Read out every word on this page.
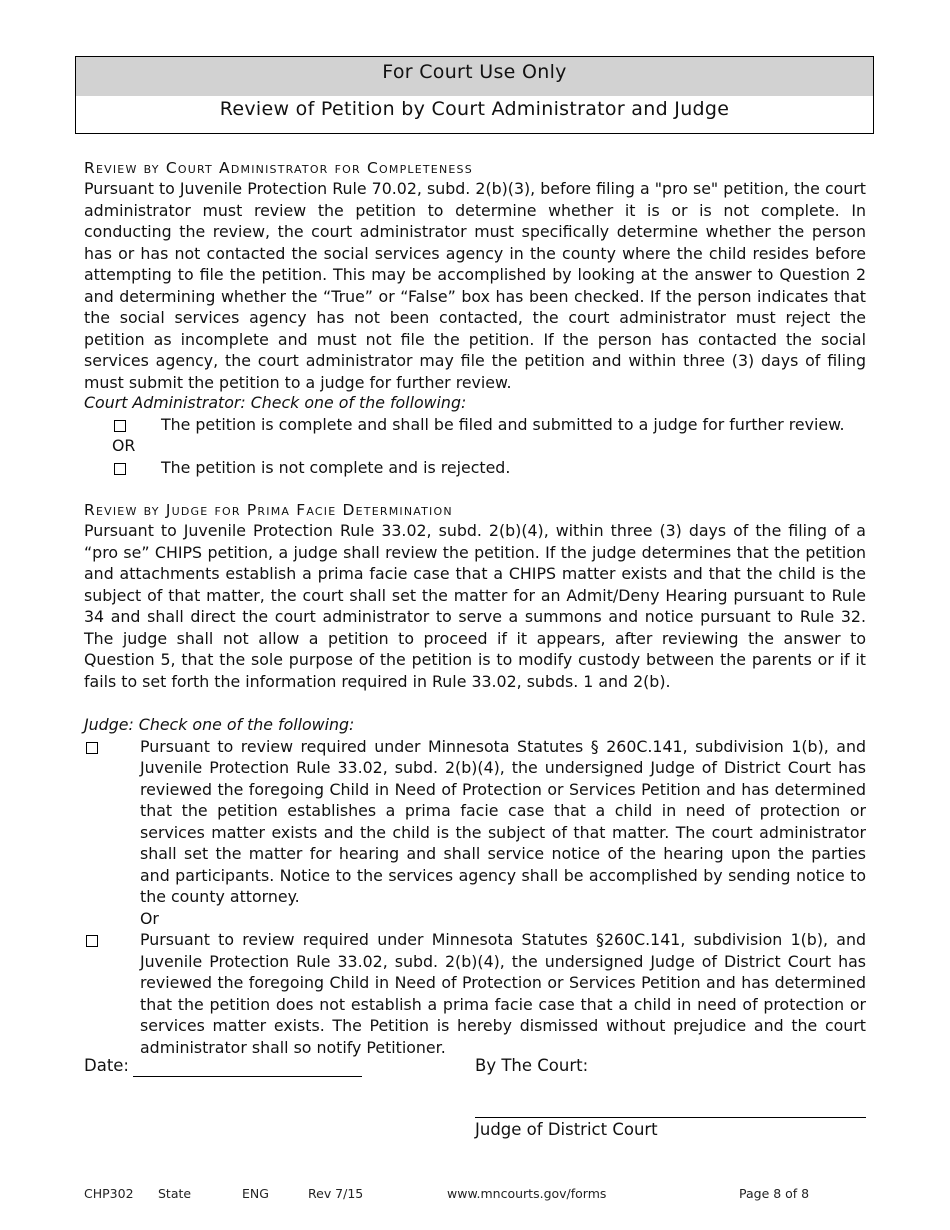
For Court Use Only
Review of Petition by Court Administrator and Judge
Review by Court Administrator for Completeness
Pursuant to Juvenile Protection Rule 70.02, subd. 2(b)(3), before filing a "pro se" petition, the court administrator must review the petition to determine whether it is or is not complete. In conducting the review, the court administrator must specifically determine whether the person has or has not contacted the social services agency in the county where the child resides before attempting to file the petition. This may be accomplished by looking at the answer to Question 2 and determining whether the “True” or “False” box has been checked. If the person indicates that the social services agency has not been contacted, the court administrator must reject the petition as incomplete and must not file the petition. If the person has contacted the social services agency, the court administrator may file the petition and within three (3) days of filing must submit the petition to a judge for further review.
Court Administrator: Check one of the following:
The petition is complete and shall be filed and submitted to a judge for further review.
OR
The petition is not complete and is rejected.
Review by Judge for Prima Facie Determination
Pursuant to Juvenile Protection Rule 33.02, subd. 2(b)(4), within three (3) days of the filing of a “pro se” CHIPS petition, a judge shall review the petition. If the judge determines that the petition and attachments establish a prima facie case that a CHIPS matter exists and that the child is the subject of that matter, the court shall set the matter for an Admit/Deny Hearing pursuant to Rule 34 and shall direct the court administrator to serve a summons and notice pursuant to Rule 32. The judge shall not allow a petition to proceed if it appears, after reviewing the answer to Question 5, that the sole purpose of the petition is to modify custody between the parents or if it fails to set forth the information required in Rule 33.02, subds. 1 and 2(b).
Judge: Check one of the following:
Pursuant to review required under Minnesota Statutes § 260C.141, subdivision 1(b), and Juvenile Protection Rule 33.02, subd. 2(b)(4), the undersigned Judge of District Court has reviewed the foregoing Child in Need of Protection or Services Petition and has determined that the petition establishes a prima facie case that a child in need of protection or services matter exists and the child is the subject of that matter. The court administrator shall set the matter for hearing and shall service notice of the hearing upon the parties and participants. Notice to the services agency shall be accomplished by sending notice to the county attorney.
Or
Pursuant to review required under Minnesota Statutes §260C.141, subdivision 1(b), and Juvenile Protection Rule 33.02, subd. 2(b)(4), the undersigned Judge of District Court has reviewed the foregoing Child in Need of Protection or Services Petition and has determined that the petition does not establish a prima facie case that a child in need of protection or services matter exists. The Petition is hereby dismissed without prejudice and the court administrator shall so notify Petitioner.
Date:	By The Court:
Judge of District Court
CHP302 State	ENG	Rev 7/15	www.mncourts.gov/forms	Page 8 of 8
